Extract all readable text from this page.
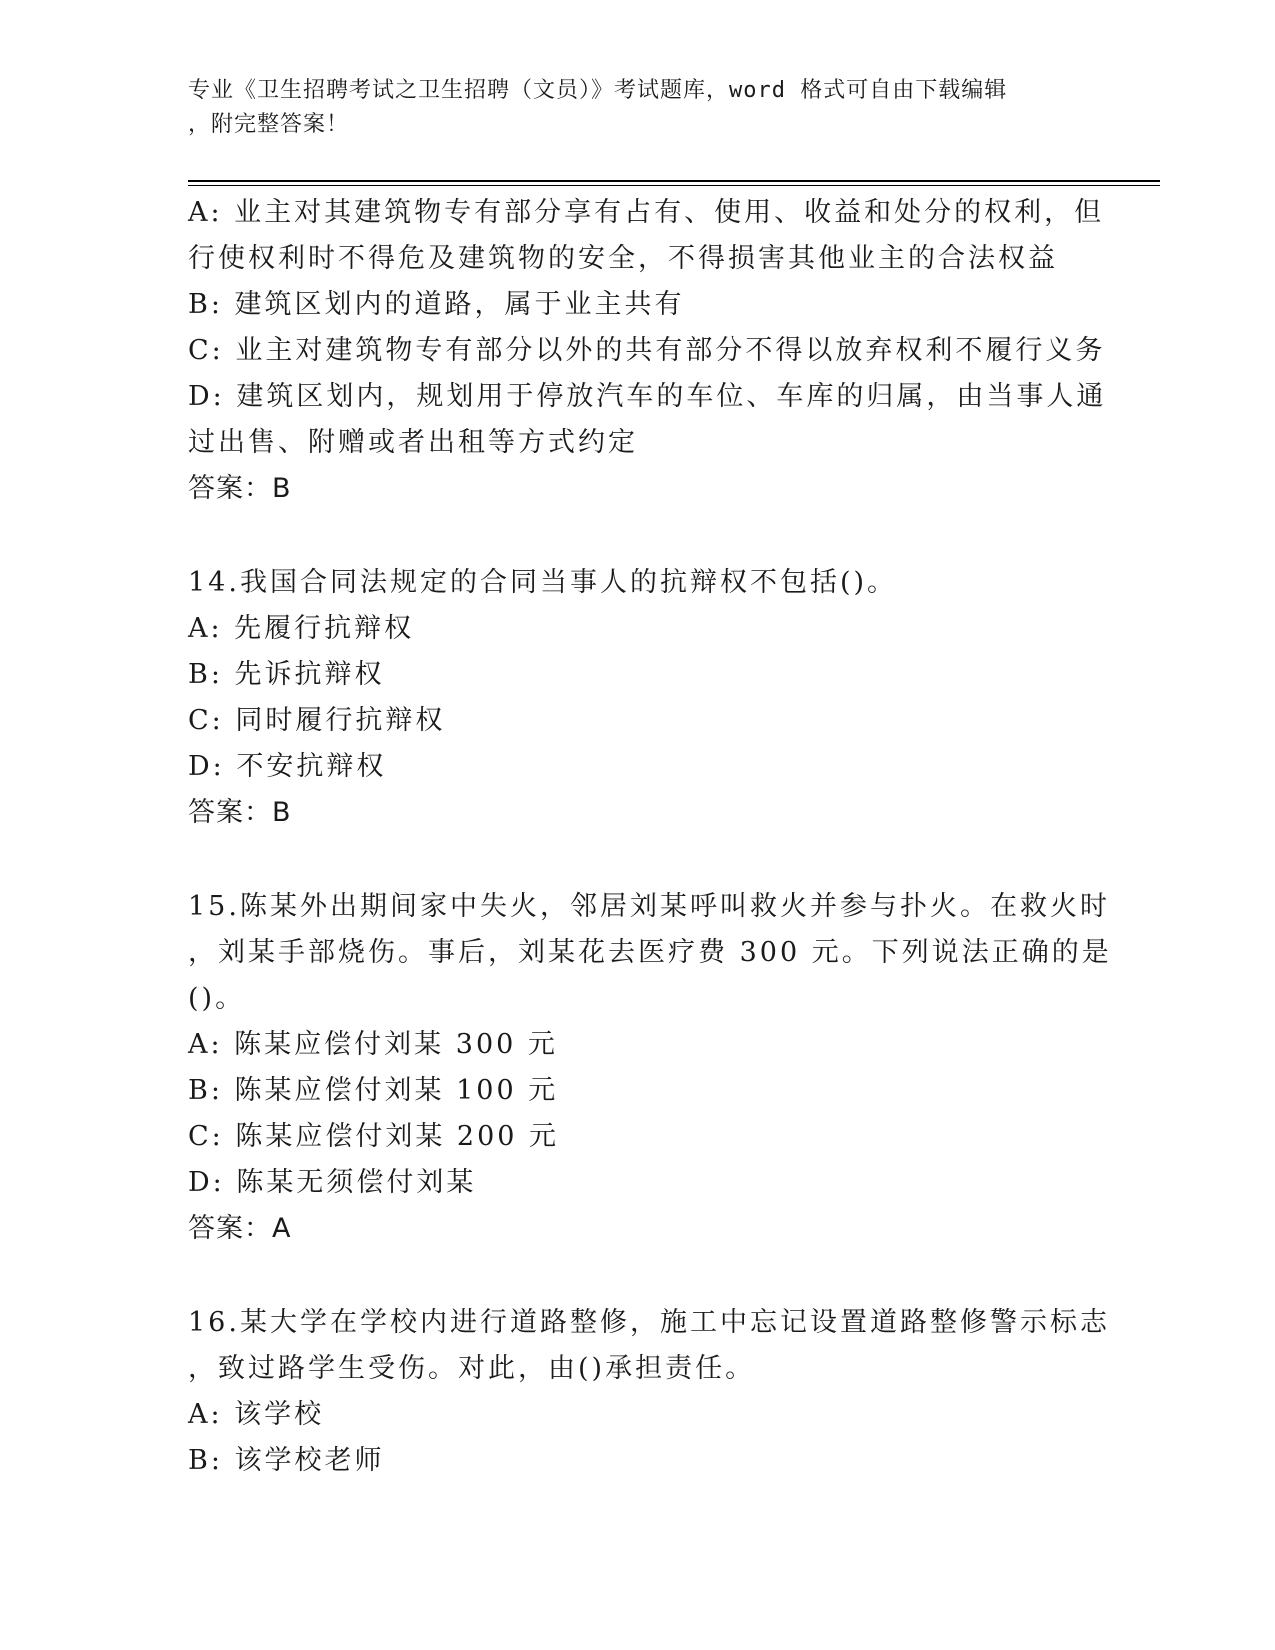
专业《卫生招聘考试之卫生招聘（文员）》考试题库，word 格式可自由下载编辑
，附完整答案！

A: 业主对其建筑物专有部分享有占有、使用、收益和处分的权利，但

行使权利时不得危及建筑物的安全，不得损害其他业主的合法权益

B: 建筑区划内的道路，属于业主共有

C: 业主对建筑物专有部分以外的共有部分不得以放弃权利不履行义务

D: 建筑区划内，规划用于停放汽车的车位、车库的归属，由当事人通

过出售、附赠或者出租等方式约定

答案：B

14.我国合同法规定的合同当事人的抗辩权不包括()。

A: 先履行抗辩权

B: 先诉抗辩权

C: 同时履行抗辩权

D: 不安抗辩权

答案：B

15.陈某外出期间家中失火，邻居刘某呼叫救火并参与扑火。在救火时

，刘某手部烧伤。事后，刘某花去医疗费 300 元。下列说法正确的是

()。

A: 陈某应偿付刘某 300 元

B: 陈某应偿付刘某 100 元

C: 陈某应偿付刘某 200 元

D: 陈某无须偿付刘某

答案：A

16.某大学在学校内进行道路整修，施工中忘记设置道路整修警示标志

，致过路学生受伤。对此，由()承担责任。

A: 该学校

B: 该学校老师
